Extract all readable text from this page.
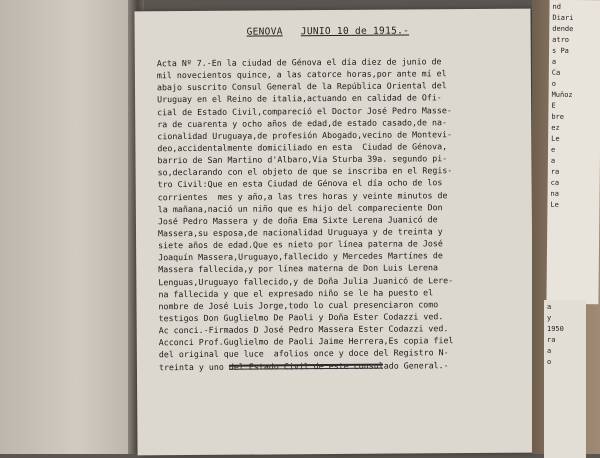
GENOVA JUNIO 10 de 1915.-
Acta Nº 7.-En la ciudad de Génova el día diez de junio de
mil novecientos quince, a las catorce horas,por ante mí el
abajo suscrito Consul General de la República Oriental del
Uruguay en el Reino de italia,actuando en calidad de Ofi-
cial de Estado Civil,compareció el Doctor José Pedro Masse-
ra de cuarenta y ocho años de edad,de estado casado,de na-
cionalidad Uruguaya,de profesión Abogado,vecino de Montevi-
deo,accidentalmente domiciliado en esta  Ciudad de Génova,
barrio de San Martino d'Albaro,Via Sturba 39a. segundo pi-
so,declarando con el objeto de que se inscriba en el Regis-
tro Civil:Que en esta Ciudad de Génova el día ocho de los
corrientes  mes y año,a las tres horas y veinte minutos de
la mañana,nació un niño que es hijo del compareciente Don
José Pedro Massera y de doña Ema Sixte Lerena Juanicó de
Massera,su esposa,de nacionalidad Uruguaya y de treinta y
siete años de edad.Que es nieto por línea paterna de José
Joaquín Massera,Uruguayo,fallecido y Mercedes Martínes de
Massera fallecida,y por línea materna de Don Luis Lerena
Lenguas,Uruguayo fallecido,y de Doña Julia Juanicó de Lere-
na fallecida y que el expresado niño se le ha puesto el
nombre de José Luis Jorge,todo lo cual presenciaron como
testigos Don Guglielmo De Paoli y Doña Ester Codazzi ved.
Ac conci.-Firmados D José Pedro Massera Ester Codazzi ved.
Acconci Prof.Guglielmo de Paoli Jaime Herrera,Es copia fiel
del original que luce  afolios once y doce del Registro N-
treinta y uno del Estado Civil de este consulado General.-
nd
Diari
dende
atro
s Pa
a
Ca
o
Muñoz
E
bre
ez
Le
e
a
ra
ca
na
Le
a
y
1950
ra
a
o
